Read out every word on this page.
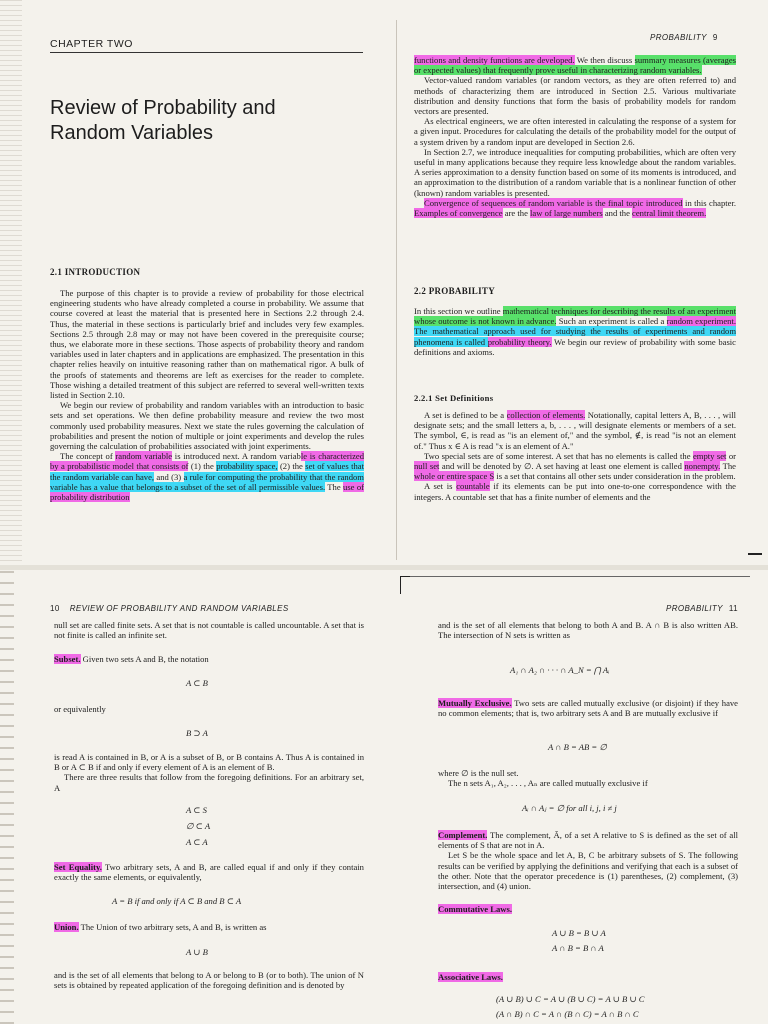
CHAPTER TWO
Review of Probability and
Random Variables
2.1 INTRODUCTION

The purpose of this chapter is to provide a review of probability for those electrical engineering students who have already completed a course in probability. We assume that course covered at least the material that is presented here in Sections 2.2 through 2.4. Thus, the material in these sections is particularly brief and includes very few examples. Sections 2.5 through 2.8 may or may not have been covered in the prerequisite course; thus, we elaborate more in these sections. Those aspects of probability theory and random variables used in later chapters and in applications are emphasized. The presentation in this chapter relies heavily on intuitive reasoning rather than on mathematical rigor. A bulk of the proofs of statements and theorems are left as exercises for the reader to complete. Those wishing a detailed treatment of this subject are referred to several well-written texts listed in Section 2.10.

We begin our review of probability and random variables with an introduction to basic sets and set operations. We then define probability measure and review the two most commonly used probability measures. Next we state the rules governing the calculation of probabilities and present the notion of multiple or joint experiments and develop the rules governing the calculation of probabilities associated with joint experiments.

The concept of random variable is introduced next. A random variable is characterized by a probabilistic model that consists of (1) the probability space, (2) the set of values that the random variable can have, and (3) a rule for computing the probability that the random variable has a value that belongs to a subset of the set of all permissible values. The use of probability distribution

PROBABILITY 9

functions and density functions are developed. We then discuss summary measures (averages or expected values) that frequently prove useful in characterizing random variables.

Vector-valued random variables (or random vectors, as they are often referred to) and methods of characterizing them are introduced in Section 2.5. Various multivariate distribution and density functions that form the basis of probability models for random vectors are presented.

As electrical engineers, we are often interested in calculating the response of a system for a given input. Procedures for calculating the details of the probability model for the output of a system driven by a random input are developed in Section 2.6.

In Section 2.7, we introduce inequalities for computing probabilities, which are often very useful in many applications because they require less knowledge about the random variables. A series approximation to a density function based on some of its moments is introduced, and an approximation to the distribution of a random variable that is a nonlinear function of other (known) random variables is presented.

Convergence of sequences of random variable is the final topic introduced in this chapter. Examples of convergence are the law of large numbers and the central limit theorem.

2.2 PROBABILITY

In this section we outline mathematical techniques for describing the results of an experiment whose outcome is not known in advance. Such an experiment is called a random experiment. The mathematical approach used for studying the results of experiments and random phenomena is called probability theory. We begin our review of probability with some basic definitions and axioms.

2.2.1 Set Definitions

A set is defined to be a collection of elements. Notationally, capital letters A, B, . . . , will designate sets; and the small letters a, b, . . . , will designate elements or members of a set. The symbol, ∈, is read as "is an element of," and the symbol, ∉, is read "is not an element of." Thus x ∈ A is read "x is an element of A."

Two special sets are of some interest. A set that has no elements is called the empty set or null set and will be denoted by ∅. A set having at least one element is called nonempty. The whole or entire space S is a set that contains all other sets under consideration in the problem.

A set is countable if its elements can be put into one-to-one correspondence with the integers. A countable set that has a finite number of elements and the

10 REVIEW OF PROBABILITY AND RANDOM VARIABLES

null set are called finite sets. A set that is not countable is called uncountable. A set that is not finite is called an infinite set.

Subset. Given two sets A and B, the notation

A ⊂ B

or equivalently

B ⊃ A

is read A is contained in B, or A is a subset of B, or B contains A. Thus A is contained in B or A ⊂ B if and only if every element of A is an element of B.

There are three results that follow from the foregoing definitions. For an arbitrary set, A

A ⊂ S
∅ ⊂ A
A ⊂ A

Set Equality. Two arbitrary sets, A and B, are called equal if and only if they contain exactly the same elements, or equivalently,

A = B if and only if A ⊂ B and B ⊂ A

Union. The Union of two arbitrary sets, A and B, is written as

A ∪ B

and is the set of all elements that belong to A or belong to B (or to both). The union of N sets is obtained by repeated application of the foregoing definition and is denoted by

PROBABILITY 11

and is the set of all elements that belong to both A and B. A ∩ B is also written AB. The intersection of N sets is written as

A₁ ∩ A₂ ∩ · · · ∩ A_N = ⋂ Aᵢ

Mutually Exclusive. Two sets are called mutually exclusive (or disjoint) if they have no common elements; that is, two arbitrary sets A and B are mutually exclusive if

A ∩ B = AB = ∅

where ∅ is the null set.

The n sets A₁, A₂, . . . , Aₙ are called mutually exclusive if

Aᵢ ∩ Aⱼ = ∅ for all i, j, i ≠ j

Complement. The complement, Ā, of a set A relative to S is defined as the set of all elements of S that are not in A.

Let S be the whole space and let A, B, C be arbitrary subsets of S. The following results can be verified by applying the definitions and verifying that each is a subset of the other. Note that the operator precedence is (1) parentheses, (2) complement, (3) intersection, and (4) union.

Commutative Laws.

A ∪ B = B ∪ A
A ∩ B = B ∩ A

Associative Laws.

(A ∪ B) ∪ C = A ∪ (B ∪ C) = A ∪ B ∪ C
(A ∩ B) ∩ C = A ∩ (B ∩ C) = A ∩ B ∩ C
